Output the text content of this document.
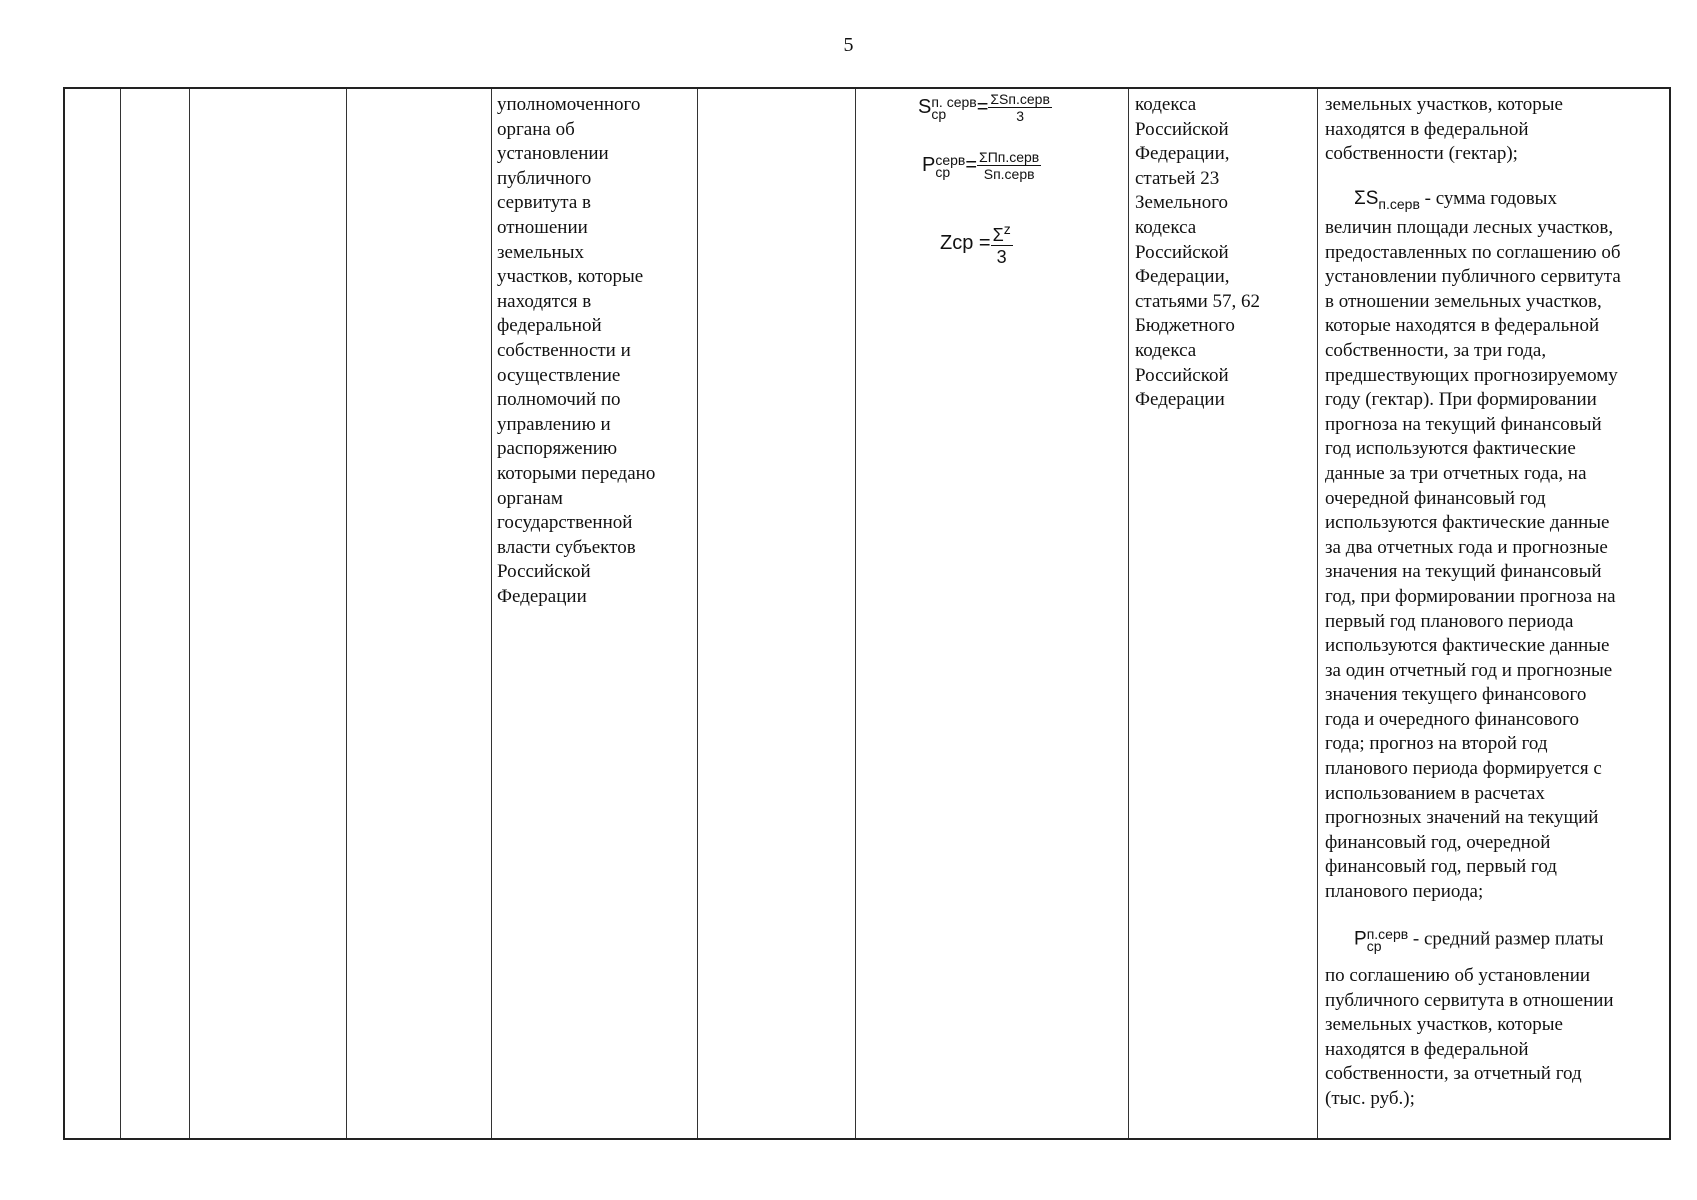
5

уполномоченного
органа об
установлении
публичного
сервитута в
отношении
земельных
участков, которые
находятся в
федеральной
собственности и
осуществление
полномочий по
управлению и
распоряжению
которыми передано
органам
государственной
власти субъектов
Российской
Федерации

S п. серв
ср	= $\frac{\text{ΣSп.серв}}{3}$
P серв
ср = $\frac{\text{ΣПп.серв}}{\text{Sп.серв}}$
Zср = $\frac{\Sigma^z}{3}$

кодекса
Российской
Федерации,
статьей 23
Земельного
кодекса
Российской
Федерации,
статьями 57, 62
Бюджетного
кодекса
Российской
Федерации

земельных участков, которые
находятся в федеральной
собственности (гектар);

$\Sigma S_{п.серв}$ - сумма годовых

величин площади лесных участков,
предоставленных по соглашению об
установлении публичного сервитута
в отношении земельных участков,
которые находятся в федеральной
собственности, за три года,
предшествующих прогнозируемому
году (гектар). При формировании
прогноза на текущий финансовый
год используются фактические
данные за три отчетных года, на
очередной финансовый год
используются фактические данные
за два отчетных года и прогнозные
значения на текущий финансовый
год, при формировании прогноза на
первый год планового периода
используются фактические данные
за один отчетный год и прогнозные
значения текущего финансового
года и очередного финансового
года; прогноз на второй год
планового периода формируется с
использованием в расчетах
прогнозных значений на текущий
финансовый год, очередной
финансовый год, первый год
планового периода;

P п.серв
ср	- средний размер платы

по соглашению об установлении
публичного сервитута в отношении
земельных участков, которые
находятся в федеральной
собственности, за отчетный год
(тыс. руб.);
